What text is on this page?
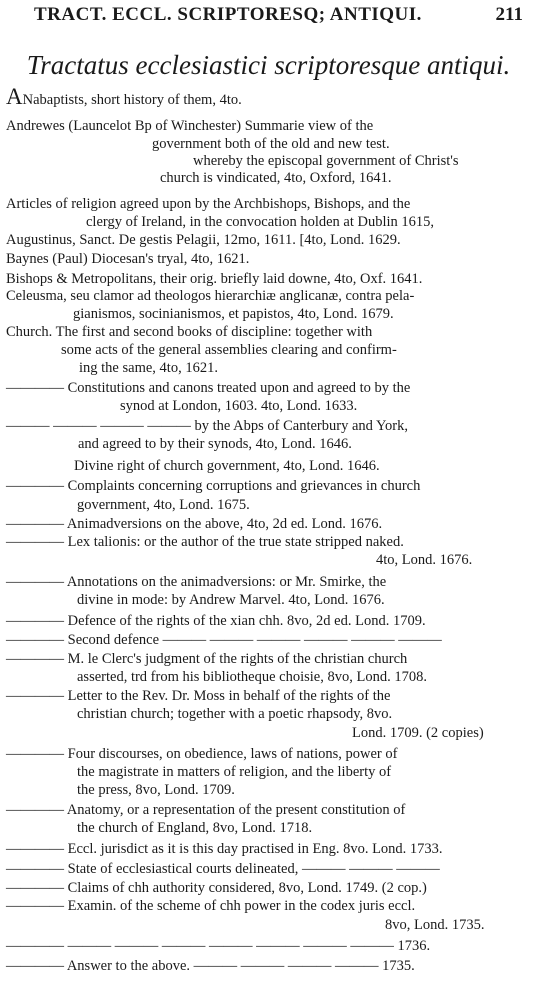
TRACT. ECCL. SCRIPTORESQ; ANTIQUI.	211
Tractatus ecclesiastici scriptoresque antiqui.
ANabaptists, short history of them, 4to.
Andrewes (Launcelot Bp of Winchester) Summarie view of the
government both of the old and new test.
whereby the episcopal government of Christ's
church is vindicated, 4to, Oxford, 1641.
Articles of religion agreed upon by the Archbishops, Bishops, and the
clergy of Ireland, in the convocation holden at Dublin 1615,
Augustinus, Sanct. De gestis Pelagii, 12mo, 1611. [4to, Lond. 1629.
Baynes (Paul) Diocesan's tryal, 4to, 1621.
Bishops & Metropolitans, their orig. briefly laid downe, 4to, Oxf. 1641.
Celeusma, seu clamor ad theologos hierarchiæ anglicanæ, contra pela-
gianismos, socinianismos, et papistos, 4to, Lond. 1679.
Church. The first and second books of discipline: together with
some acts of the general assemblies clearing and confirm-
ing the same, 4to, 1621.
———— Constitutions and canons treated upon and agreed to by the
synod at London, 1603. 4to, Lond. 1633.
——— ——— ——— ——— by the Abps of Canterbury and York,
and agreed to by their synods, 4to, Lond. 1646.
Divine right of church government, 4to, Lond. 1646.
———— Complaints concerning corruptions and grievances in church
government, 4to, Lond. 1675.
———— Animadversions on the above, 4to, 2d ed. Lond. 1676.
———— Lex talionis: or the author of the true state stripped naked.
4to, Lond. 1676.
———— Annotations on the animadversions: or Mr. Smirke, the
divine in mode: by Andrew Marvel. 4to, Lond. 1676.
———— Defence of the rights of the xian chh. 8vo, 2d ed. Lond. 1709.
———— Second defence ——— ——— ——— ——— ——— ———
———— M. le Clerc's judgment of the rights of the christian church
asserted, trd from his bibliotheque choisie, 8vo, Lond. 1708.
———— Letter to the Rev. Dr. Moss in behalf of the rights of the
christian church; together with a poetic rhapsody, 8vo.
Lond. 1709. (2 copies)
———— Four discourses, on obedience, laws of nations, power of
the magistrate in matters of religion, and the liberty of
the press, 8vo, Lond. 1709.
———— Anatomy, or a representation of the present constitution of
the church of England, 8vo, Lond. 1718.
———— Eccl. jurisdict as it is this day practised in Eng. 8vo. Lond. 1733.
———— State of ecclesiastical courts delineated, ——— ——— ———
———— Claims of chh authority considered, 8vo, Lond. 1749. (2 cop.)
———— Examin. of the scheme of chh power in the codex juris eccl.
8vo, Lond. 1735.
———— ——— ——— ——— ——— ——— ——— ——— 1736.
———— Answer to the above. ——— ——— ——— ——— 1735.
